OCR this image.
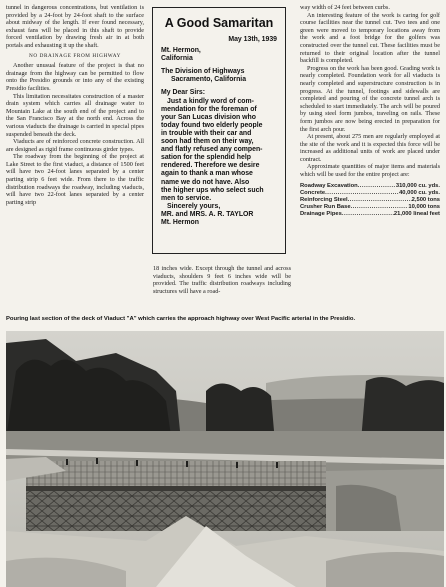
tunnel in dangerous concentrations, but ventilation is provided by a 24-foot by 24-foot shaft to the surface about midway of the length. If ever found necessary, exhaust fans will be placed in this shaft to provide forced ventilation by drawing fresh air in at both portals and exhausting it up the shaft.

NO DRAINAGE FROM HIGHWAY

Another unusual feature of the project is that no drainage from the highway can be permitted to flow onto the Presidio grounds or into any of the existing Presidio facilities.

This limitation necessitates construction of a master drain system which carries all drainage water to Mountain Lake at the south end of the project and to the San Francisco Bay at the north end. Across the various viaducts the drainage is carried in special pipes suspended beneath the deck.

Viaducts are of reinforced concrete construction. All are designed as rigid frame continuous girder types.

The roadway from the beginning of the project at Lake Street to the first viaduct, a distance of 1500 feet will have two 24-foot lanes separated by a center parting strip 6 feet wide. From there to the traffic distribution roadways the roadway, including viaducts, will have two 22-foot lanes separated by a center parting strip

A Good Samaritan
May 13th, 1939
Mt. Hermon,
California
The Division of Highways
Sacramento, California
My Dear Sirs:
Just a kindly word of com-
mendation for the foreman of
your San Lucas division who
today found two elderly people
in trouble with their car and
soon had them on their way,
and flatly refused any compen-
sation for the splendid help
rendered. Therefore we desire
again to thank a man whose
name we do not have. Also
the higher ups who select such
men to service.
Sincerely yours,
MR. and MRS. A. R. TAYLOR
Mt. Hermon

18 inches wide. Except through the tunnel and across viaducts, shoulders 9 feet 6 inches wide will be provided. The traffic distribution roadways including structures will have a road-

way width of 24 feet between curbs.

An interesting feature of the work is caring for golf course facilities near the tunnel cut. Two tees and one green were moved to temporary locations away from the work and a foot bridge for the golfers was constructed over the tunnel cut. These facilities must be returned to their original location after the tunnel backfill is completed.

Progress on the work has been good. Grading work is nearly completed. Foundation work for all viaducts is nearly completed and superstructure construction is in progress. At the tunnel, footings and sidewalls are completed and pouring of the concrete tunnel arch is scheduled to start immediately. The arch will be poured by using steel form jumbos, traveling on rails. These form jumbos are now being erected in preparation for the first arch pour.

At present, about 275 men are regularly employed at the site of the work and it is expected this force will be increased as additional units of work are placed under contract.

Approximate quantities of major items and materials which will be used for the entire project are:

Roadway Excavation .....	310,000 cu. yds.
Concrete .....	40,000 cu. yds.
Reinforcing Steel .....	2,500 tons
Crusher Run Base .....	10,000 tons
Drainage Pipes .....	21,000 lineal feet
Pouring last section of the deck of Viaduct "A" which carries the approach highway over West Pacific arterial in the Presidio.
